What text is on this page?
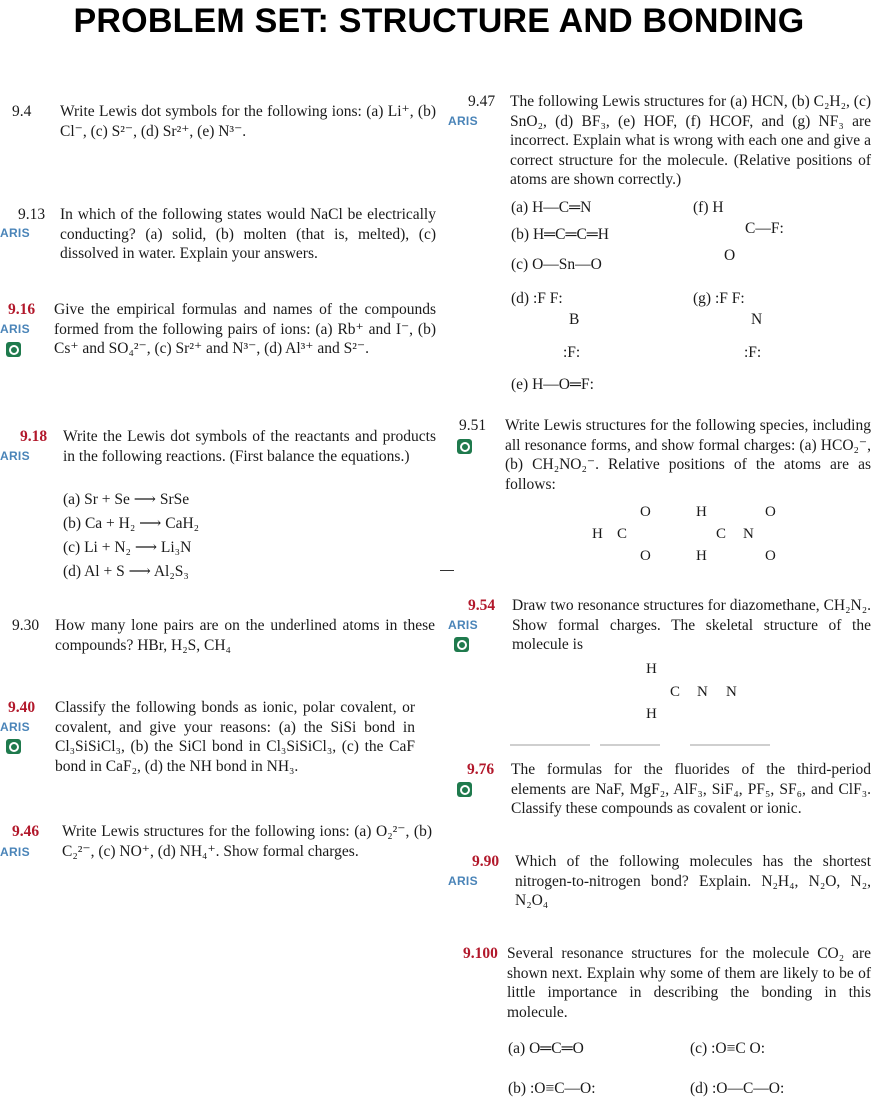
PROBLEM SET: STRUCTURE AND BONDING
9.4 Write Lewis dot symbols for the following ions: (a) Li⁺, (b) Cl⁻, (c) S²⁻, (d) Sr²⁺, (e) N³⁻.
9.13
ARIS
In which of the following states would NaCl be electrically conducting? (a) solid, (b) molten (that is, melted), (c) dissolved in water. Explain your answers.
9.16
ARIS
Give the empirical formulas and names of the compounds formed from the following pairs of ions: (a) Rb⁺ and I⁻, (b) Cs⁺ and SO₄²⁻, (c) Sr²⁺ and N³⁻, (d) Al³⁺ and S²⁻.
9.18
ARIS
Write the Lewis dot symbols of the reactants and products in the following reactions. (First balance the equations.)
(a) Sr + Se ⟶ SrSe
(b) Ca + H₂ ⟶ CaH₂
(c) Li + N₂ ⟶ Li₃N
(d) Al + S ⟶ Al₂S₃
9.30 How many lone pairs are on the underlined atoms in these compounds? HBr, H₂S, CH₄
9.40
ARIS
Classify the following bonds as ionic, polar covalent, or covalent, and give your reasons: (a) the SiSi bond in Cl₃SiSiCl₃, (b) the SiCl bond in Cl₃SiSiCl₃, (c) the CaF bond in CaF₂, (d) the NH bond in NH₃.
9.46
ARIS
Write Lewis structures for the following ions: (a) O₂²⁻, (b) C₂²⁻, (c) NO⁺, (d) NH₄⁺. Show formal charges.
9.47
ARIS
The following Lewis structures for (a) HCN, (b) C₂H₂, (c) SnO₂, (d) BF₃, (e) HOF, (f) HCOF, and (g) NF₃ are incorrect. Explain what is wrong with each one and give a correct structure for the molecule. (Relative positions of atoms are shown correctly.)
(a) H—C═N
(b) H═C═C═H
(c) O—Sn—O
(d) :F F:
B
:F:
(e) H—O═F:
(f) H
C—F:
O
(g) :F F:
N
:F:
9.51 Write Lewis structures for the following species, including all resonance forms, and show formal charges: (a) HCO₂⁻, (b) CH₂NO₂⁻. Relative positions of the atoms are as follows:
O
H C
O
H	O
C N
H	O
9.54
ARIS
Draw two resonance structures for diazomethane, CH₂N₂. Show formal charges. The skeletal structure of the molecule is
H
C N N
H
9.76 The formulas for the fluorides of the third-period elements are NaF, MgF₂, AlF₃, SiF₄, PF₅, SF₆, and ClF₃. Classify these compounds as covalent or ionic.
9.90
ARIS
Which of the following molecules has the shortest nitrogen-to-nitrogen bond? Explain. N₂H₄, N₂O, N₂, N₂O₄
9.100 Several resonance structures for the molecule CO₂ are shown next. Explain why some of them are likely to be of little importance in describing the bonding in this molecule.
(a) O═C═O
(b) :O≡C—O:
(c) :O≡C O:
(d) :O—C—O:
